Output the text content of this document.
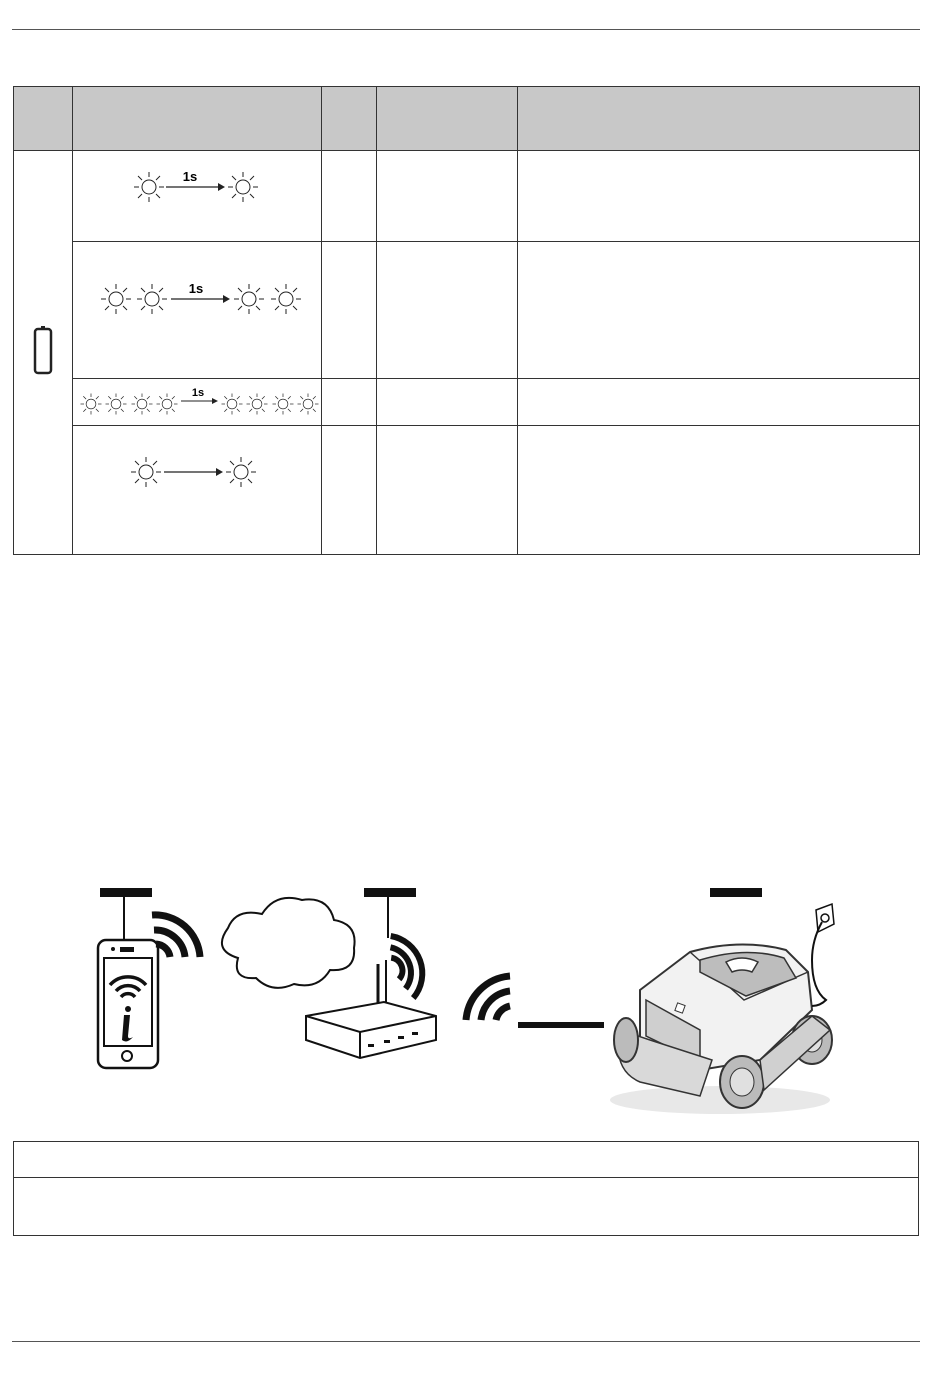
1s			

1s			

1s			
